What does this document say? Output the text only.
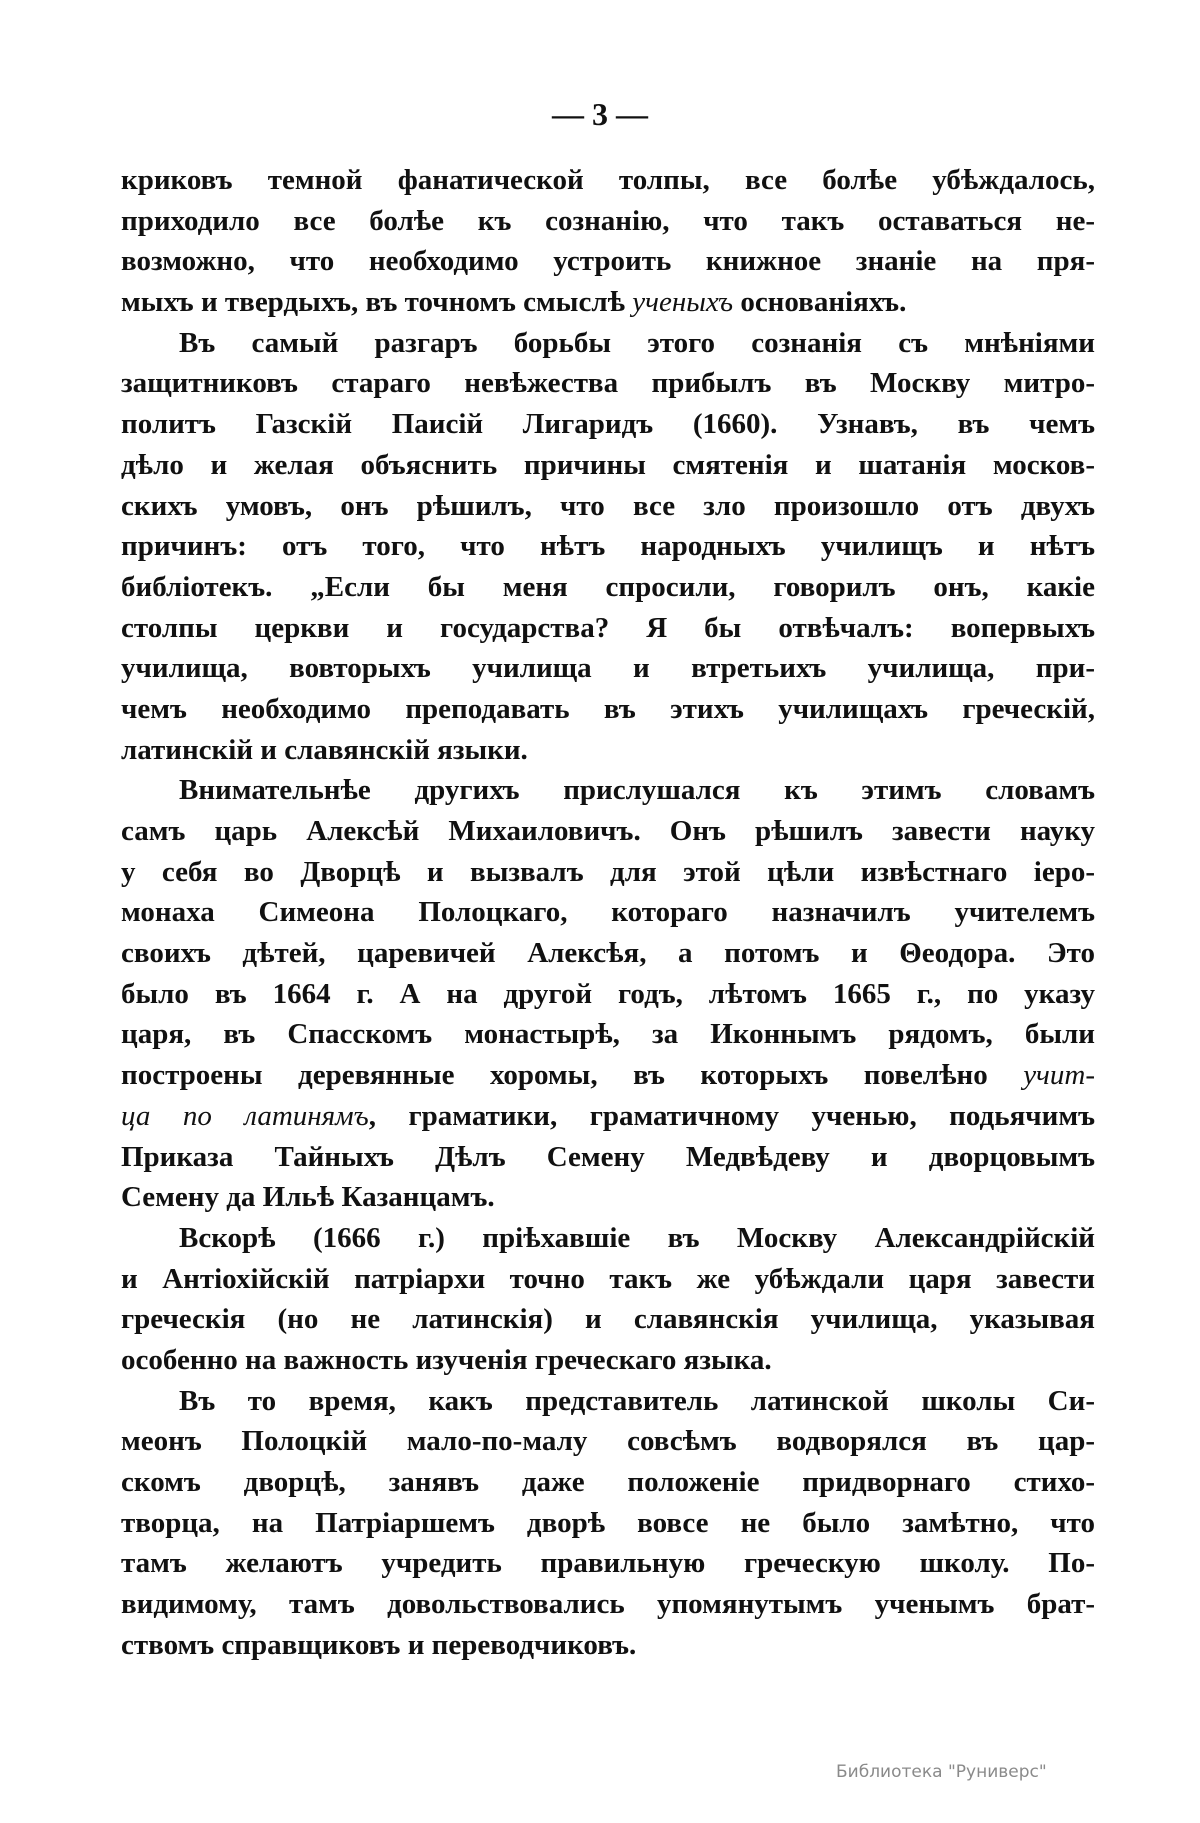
— 3 —
криковъ темной фанатической толпы, все болѣе убѣждалось,
приходило все болѣе къ сознанію, что такъ оставаться не-
возможно, что необходимо устроить книжное знаніе на пря-
мыхъ и твердыхъ, въ точномъ смыслѣ ученыхъ основаніяхъ.
Въ самый разгаръ борьбы этого сознанія съ мнѣніями
защитниковъ стараго невѣжества прибылъ въ Москву митро-
политъ Газскій Паисій Лигаридъ (1660). Узнавъ, въ чемъ
дѣло и желая объяснить причины смятенія и шатанія москов-
скихъ умовъ, онъ рѣшилъ, что все зло произошло отъ двухъ
причинъ: отъ того, что нѣтъ народныхъ училищъ и нѣтъ
библіотекъ. „Если бы меня спросили, говорилъ онъ, какіе
столпы церкви и государства? Я бы отвѣчалъ: вопервыхъ
училища, вовторыхъ училища и втретьихъ училища, при-
чемъ необходимо преподавать въ этихъ училищахъ греческій,
латинскій и славянскій языки.
Внимательнѣе другихъ прислушался къ этимъ словамъ
самъ царь Алексѣй Михаиловичъ. Онъ рѣшилъ завести науку
у себя во Дворцѣ и вызвалъ для этой цѣли извѣстнаго іеро-
монаха Симеона Полоцкаго, котораго назначилъ учителемъ
своихъ дѣтей, царевичей Алексѣя, а потомъ и Θеодора. Это
было въ 1664 г. А на другой годъ, лѣтомъ 1665 г., по указу
царя, въ Спасскомъ монастырѣ, за Иконнымъ рядомъ, были
построены деревянные хоромы, въ которыхъ повелѣно учит-
ца по латинямъ, граматики, граматичному ученью, подьячимъ
Приказа Тайныхъ Дѣлъ Семену Медвѣдеву и дворцовымъ
Семену да Ильѣ Казанцамъ.
Вскорѣ (1666 г.) пріѣхавшіе въ Москву Александрійскій
и Антіохійскій патріархи точно такъ же убѣждали царя завести
греческія (но не латинскія) и славянскія училища, указывая
особенно на важность изученія греческаго языка.
Въ то время, какъ представитель латинской школы Си-
меонъ Полоцкій мало-по-малу совсѣмъ водворялся въ цар-
скомъ дворцѣ, занявъ даже положеніе придворнаго стихо-
творца, на Патріаршемъ дворѣ вовсе не было замѣтно, что
тамъ желаютъ учредить правильную греческую школу. По-
видимому, тамъ довольствовались упомянутымъ ученымъ брат-
ствомъ справщиковъ и переводчиковъ.
Библиотека "Руниверс"
